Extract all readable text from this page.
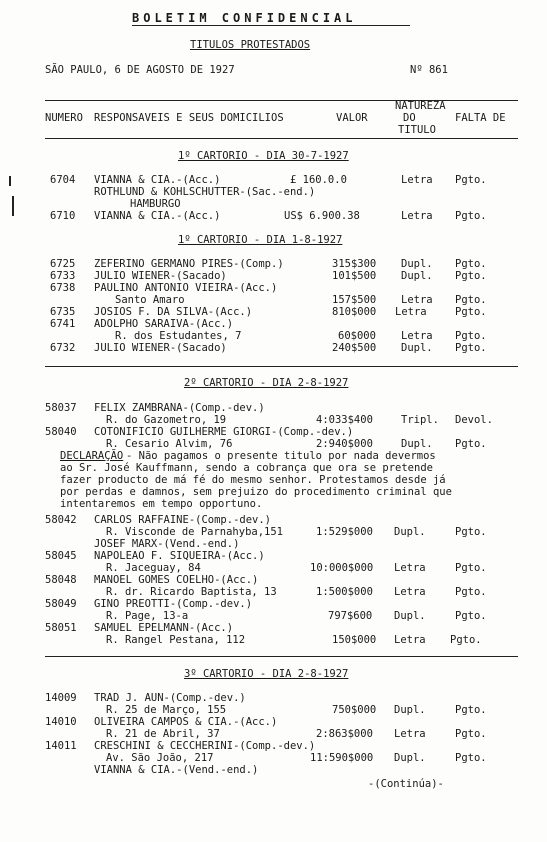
BOLETIM CONFIDENCIAL
TITULOS PROTESTADOS
SÃO PAULO, 6 DE AGOSTO DE 1927	Nº 861
NATUREZA
NUMERO RESPONSAVEIS E SEUS DOMICILIOS	VALOR	DO	FALTA DE
TITULO
1º CARTORIO - DIA 30-7-1927
6704 VIANNA & CIA.-(Acc.)	£ 160.0.0	Letra Pgto.
ROTHLUND & KOHLSCHUTTER-(Sac.-end.)
HAMBURGO
6710 VIANNA & CIA.-(Acc.)	US$ 6.900.38	Letra Pgto.
1º CARTORIO - DIA 1-8-1927
6725 ZEFERINO GERMANO PIRES-(Comp.)	315$300 Dupl. Pgto.
6733 JULIO WIENER-(Sacado)	101$500 Dupl. Pgto.
6738 PAULINO ANTONIO VIEIRA-(Acc.)
Santo Amaro	157$500 Letra Pgto.
6735 JOSIOS F. DA SILVA-(Acc.)	810$000 Letra	Pgto.
6741 ADOLPHO SARAIVA-(Acc.)
R. dos Estudantes, 7	60$000 Letra Pgto.
6732 JULIO WIENER-(Sacado)	240$500 Dupl. Pgto.
2º CARTORIO - DIA 2-8-1927
58037 FELIX ZAMBRANA-(Comp.-dev.)
R. do Gazometro, 19	4:033$400	Tripl. Devol.
58040 COTONIFICIO GUILHERME GIORGI-(Comp.-dev.)
R. Cesario Alvim, 76	2:940$000	Dupl. Pgto.
DECLARAÇÃO - Não pagamos o presente titulo por nada devermos
ao Sr. José Kauffmann, sendo a cobrança que ora se pretende
fazer producto de má fé do mesmo senhor. Protestamos desde já
por perdas e damnos, sem prejuizo do procedimento criminal que
intentaremos em tempo opportuno.
58042 CARLOS RAFFAINE-(Comp.-dev.)
R. Visconde de Parnahyba,151	1:529$000 Dupl.	Pgto.
JOSEF MARX-(Vend.-end.)
58045 NAPOLEAO F. SIQUEIRA-(Acc.)
R. Jaceguay, 84	10:000$000 Letra	Pgto.
58048 MANOEL GOMES COELHO-(Acc.)
R. dr. Ricardo Baptista, 13	1:500$000 Letra	Pgto.
58049 GINO PREOTTI-(Comp.-dev.)
R. Page, 13-a	797$600 Dupl.	Pgto.
58051 SAMUEL EPELMANN-(Acc.)
R. Rangel Pestana, 112	150$000 Letra Pgto.
3º CARTORIO - DIA 2-8-1927
14009 TRAD J. AUN-(Comp.-dev.)
R. 25 de Março, 155	750$000 Dupl.	Pgto.
14010 OLIVEIRA CAMPOS & CIA.-(Acc.)
R. 21 de Abril, 37	2:863$000 Letra	Pgto.
14011 CRESCHINI & CECCHERINI-(Comp.-dev.)
Av. São João, 217	11:590$000 Dupl.	Pgto.
VIANNA & CIA.-(Vend.-end.)
-(Continúa)-
